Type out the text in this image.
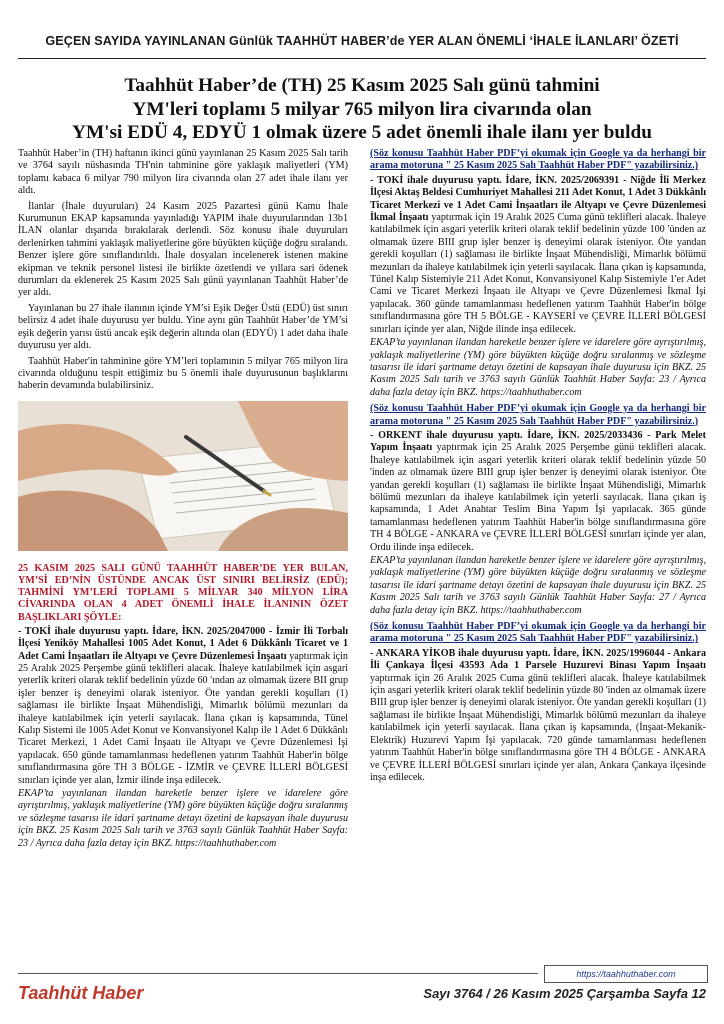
GEÇEN SAYIDA YAYINLANAN Günlük TAAHHÜT HABER’de YER ALAN ÖNEMLİ ‘İHALE İLANLARI’ ÖZETİ
Taahhüt Haber’de (TH) 25 Kasım 2025 Salı günü tahmini
YM'leri toplamı 5 milyar 765 milyon lira civarında olan
YM'si EDÜ 4, EDYÜ 1 olmak üzere 5 adet önemli ihale ilanı yer buldu

Taahhüt Haber’in (TH) haftanın ikinci günü yayınlanan 25 Kasım 2025 Salı tarih ve 3764 sayılı nüshasında TH'nin tahminine göre yaklaşık maliyetleri (YM) toplamı kabaca 6 milyar 790 milyon lira civarında olan 27 adet ihale ilanı yer aldı.

İlanlar (İhale duyuruları) 24 Kasım 2025 Pazartesi günü Kamu İhale Kurumunun EKAP kapsamında yayınladığı YAPIM ihale duyurularından 13b1 İLAN olanlar dışarıda bırakılarak derlendi. Söz konusu ihale duyuruları derlenirken tahmini yaklaşık maliyetlerine göre büyükten küçüğe doğru sıralandı. Benzer işlere göre sınıflandırıldı. İhale dosyaları incelenerek istenen makine ekipman ve teknik personel listesi ile birlikte özetlendi ve yıllara sari ödenek durumları da eklenerek 25 Kasım 2025 Salı günü yayınlanan Taahhüt Haber’de yer aldı.

Yayınlanan bu 27 ihale ilanının içinde YM’si Eşik Değer Üstü (EDÜ) üst sınırı belirsiz 4 adet ihale duyurusu yer buldu. Yine aynı gün Taahhüt Haber’de YM’si eşik değerin yarısı üstü ancak eşik değerin altında olan (EDYÜ) 1 adet daha ihale duyurusu yer aldı.

Taahhüt Haber'in tahminine göre YM’leri toplamının 5 milyar 765 milyon lira civarında olduğunu tespit ettiğimiz bu 5 önemli ihale duyurusunun başlıklarını haberin devamında bulabilirsiniz.

25 KASIM 2025 SALI GÜNÜ TAAHHÜT HABER’DE YER BULAN, YM’Sİ ED’NİN ÜSTÜNDE ANCAK ÜST SINIRI BELİRSİZ (EDÜ); TAHMİNİ YM’LERİ TOPLAMI 5 MİLYAR 340 MİLYON LİRA CİVARINDA OLAN 4 ADET ÖNEMLİ İHALE İLANININ ÖZET BAŞLIKLARI ŞÖYLE:
- TOKİ ihale duyurusu yaptı. İdare, İKN. 2025/2047000 - İzmir İli Torbalı İlçesi Yeniköy Mahallesi 1005 Adet Konut, 1 Adet 6 Dükkânlı Ticaret ve 1 Adet Cami İnşaatları ile Altyapı ve Çevre Düzenlemesi İnşaatı yaptırmak için 25 Aralık 2025 Perşembe günü teklifleri alacak. İhaleye katılabilmek için asgari yeterlik kriteri olarak teklif bedelinin yüzde 60 'ından az olmamak üzere BII grup işler benzer iş deneyimi olarak isteniyor. Öte yandan gerekli koşulları (1) sağlaması ile birlikte İnşaat Mühendisliği, Mimarlık bölümü mezunları da ihaleye katılabilmek için yeterli sayılacak. İlana çıkan iş kapsamında, Tünel Kalıp Sistemi ile 1005 Adet Konut ve Konvansiyonel Kalıp ile 1 Adet 6 Dükkânlı Ticaret Merkezi, 1 Adet Cami İnşaatı ile Altyapı ve Çevre Düzenlemesi İşi yapılacak. 650 günde tamamlanması hedeflenen yatırım Taahhüt Haber'in bölge sınıflandırmasına göre TH 3 BÖLGE - İZMİR ve ÇEVRE İLLERİ BÖLGESİ sınırları içinde yer alan, İzmir ilinde inşa edilecek.
EKAP’ta yayınlanan ilandan hareketle benzer işlere ve idarelere göre ayrıştırılmış, yaklaşık maliyetlerine (YM) göre büyükten küçüğe doğru sıralanmış ve sözleşme tasarısı ile idari şartname detayı özetini de kapsayan ihale duyurusu için BKZ. 25 Kasım 2025 Salı tarih ve 3763 sayılı Günlük Taahhüt Haber Sayfa: 23 / Ayrıca daha fazla detay için BKZ. https://taahhuthaber.com
(Söz konusu Taahhüt Haber PDF’yi okumak için Google ya da herhangi bir arama motoruna " 25 Kasım 2025 Salı Taahhüt Haber PDF" yazabilirsiniz.)
- TOKİ ihale duyurusu yaptı. İdare, İKN. 2025/2069391 - Niğde İli Merkez İlçesi Aktaş Beldesi Cumhuriyet Mahallesi 211 Adet Konut, 1 Adet 3 Dükkânlı Ticaret Merkezi ve 1 Adet Cami İnşaatları ile Altyapı ve Çevre Düzenlemesi İkmal İnşaatı yaptırmak için 19 Aralık 2025 Cuma günü teklifleri alacak. İhaleye katılabilmek için asgari yeterlik kriteri olarak teklif bedelinin yüzde 100 'ünden az olmamak üzere BIII grup işler benzer iş deneyimi olarak isteniyor. Öte yandan gerekli koşulları (1) sağlaması ile birlikte İnşaat Mühendisliği, Mimarlık bölümü mezunları da ihaleye katılabilmek için yeterli sayılacak. İlana çıkan iş kapsamında, Tünel Kalıp Sistemiyle 211 Adet Konut, Konvansiyonel Kalıp Sistemiyle 1'er Adet Cami ve Ticaret Merkezi İnşaatı ile Altyapı ve Çevre Düzenlemesi İkmal İşi yapılacak. 360 günde tamamlanması hedeflenen yatırım Taahhüt Haber'in bölge sınıflandırmasına göre TH 5 BÖLGE - KAYSERİ ve ÇEVRE İLLERİ BÖLGESİ sınırları içinde yer alan, Niğde ilinde inşa edilecek.
EKAP’ta yayınlanan ilandan hareketle benzer işlere ve idarelere göre ayrıştırılmış, yaklaşık maliyetlerine (YM) göre büyükten küçüğe doğru sıralanmış ve sözleşme tasarısı ile idari şartname detayı özetini de kapsayan ihale duyurusu için BKZ. 25 Kasım 2025 Salı tarih ve 3763 sayılı Günlük Taahhüt Haber Sayfa: 23 / Ayrıca daha fazla detay için BKZ. https://taahhuthaber.com
(Söz konusu Taahhüt Haber PDF’yi okumak için Google ya da herhangi bir arama motoruna " 25 Kasım 2025 Salı Taahhüt Haber PDF" yazabilirsiniz.)
- ORKENT ihale duyurusu yaptı. İdare, İKN. 2025/2033436 - Park Melet Yapım İnşaatı yaptırmak için 25 Aralık 2025 Perşembe günü teklifleri alacak. İhaleye katılabilmek için asgari yeterlik kriteri olarak teklif bedelinin yüzde 50 'inden az olmamak üzere BIII grup işler benzer iş deneyimi olarak isteniyor. Öte yandan gerekli koşulları (1) sağlaması ile birlikte İnşaat Mühendisliği, Mimarlık bölümü mezunları da ihaleye katılabilmek için yeterli sayılacak. İlana çıkan iş kapsamında, 1 Adet Anahtar Teslim Bina Yapım İşi yapılacak. 365 günde tamamlanması hedeflenen yatırım Taahhüt Haber'in bölge sınıflandırmasına göre TH 4 BÖLGE - ANKARA ve ÇEVRE İLLERİ BÖLGESİ sınırları içinde yer alan, Ordu ilinde inşa edilecek.
EKAP’ta yayınlanan ilandan hareketle benzer işlere ve idarelere göre ayrıştırılmış, yaklaşık maliyetlerine (YM) göre büyükten küçüğe doğru sıralanmış ve sözleşme tasarısı ile idari şartname detayı özetini de kapsayan ihale duyurusu için BKZ. 25 Kasım 2025 Salı tarih ve 3763 sayılı Günlük Taahhüt Haber Sayfa: 27 / Ayrıca daha fazla detay için BKZ. https://taahhuthaber.com
(Söz konusu Taahhüt Haber PDF’yi okumak için Google ya da herhangi bir arama motoruna " 25 Kasım 2025 Salı Taahhüt Haber PDF" yazabilirsiniz.)
- ANKARA YİKOB ihale duyurusu yaptı. İdare, İKN. 2025/1996044 - Ankara İli Çankaya İlçesi 43593 Ada 1 Parsele Huzurevi Binası Yapım İnşaatı yaptırmak için 26 Aralık 2025 Cuma günü teklifleri alacak. İhaleye katılabilmek için asgari yeterlik kriteri olarak teklif bedelinin yüzde 80 'inden az olmamak üzere BIII grup işler benzer iş deneyimi olarak isteniyor. Öte yandan gerekli koşulları (1) sağlaması ile birlikte İnşaat Mühendisliği, Mimarlık bölümü mezunları da ihaleye katılabilmek için yeterli sayılacak. İlana çıkan iş kapsamında, (İnşaat-Mekanik-Elektrik) Huzurevi Yapım İşi yapılacak. 720 günde tamamlanması hedeflenen yatırım Taahhüt Haber'in bölge sınıflandırmasına göre TH 4 BÖLGE - ANKARA ve ÇEVRE İLLERİ BÖLGESİ sınırları içinde yer alan, Ankara Çankaya ilçesinde inşa edilecek.
https://taahhuthaber.com
Taahhüt Haber	Sayı 3764 / 26 Kasım 2025 Çarşamba Sayfa 12
